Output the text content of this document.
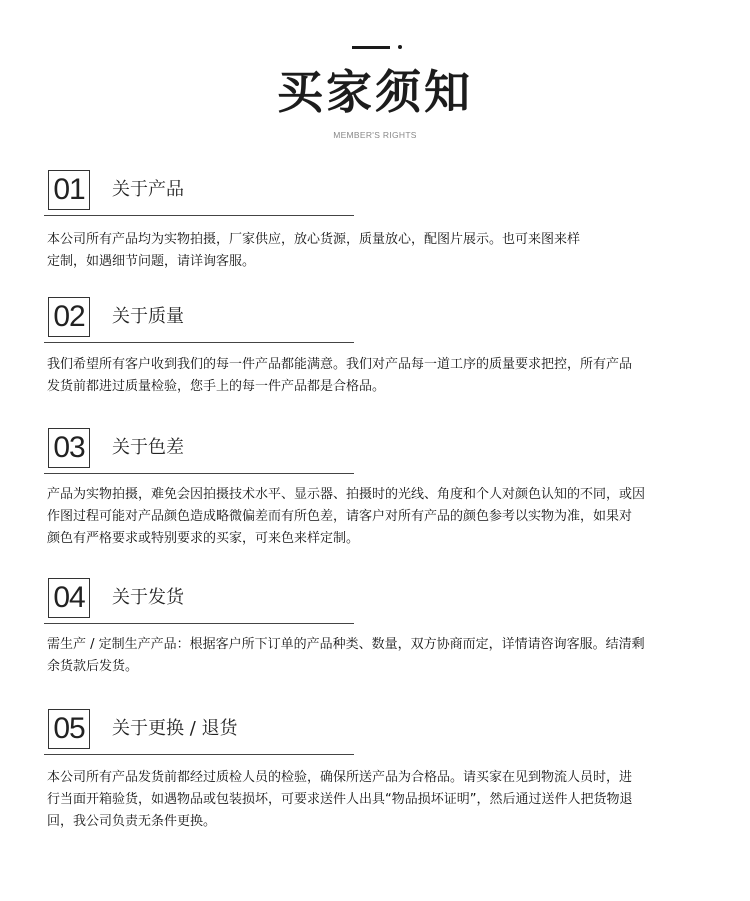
买家须知
MEMBER'S RIGHTS
01 关于产品
本公司所有产品均为实物拍摄，厂家供应，放心货源，质量放心，配图片展示。也可来图来样
定制，如遇细节问题，请详询客服。
02 关于质量
我们希望所有客户收到我们的每一件产品都能满意。我们对产品每一道工序的质量要求把控，所有产品
发货前都进过质量检验，您手上的每一件产品都是合格品。
03 关于色差
产品为实物拍摄，难免会因拍摄技术水平、显示器、拍摄时的光线、角度和个人对颜色认知的不同，或因
作图过程可能对产品颜色造成略微偏差而有所色差，请客户对所有产品的颜色参考以实物为准，如果对
颜色有严格要求或特别要求的买家，可来色来样定制。
04 关于发货
需生产 / 定制生产产品：根据客户所下订单的产品种类、数量，双方协商而定，详情请咨询客服。结清剩
余货款后发货。
05 关于更换 / 退货
本公司所有产品发货前都经过质检人员的检验，确保所送产品为合格品。请买家在见到物流人员时，进
行当面开箱验货，如遇物品或包装损坏，可要求送件人出具“物品损坏证明”，然后通过送件人把货物退
回，我公司负责无条件更换。
